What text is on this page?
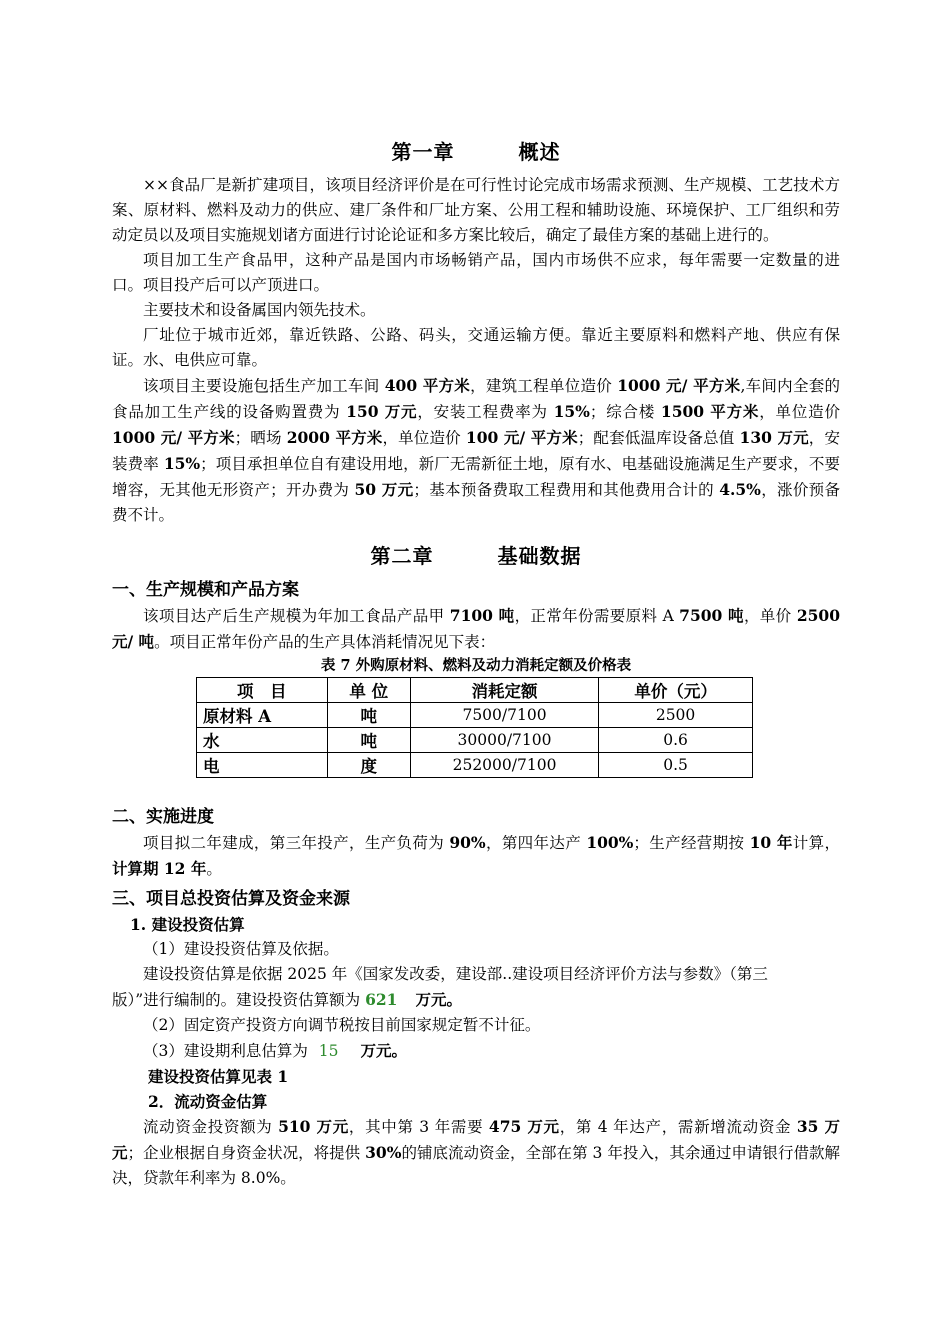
第一章	概述

××食品厂是新扩建项目，该项目经济评价是在可行性讨论完成市场需求预测、生产规模、工艺技术方案、原材料、燃料及动力的供应、建厂条件和厂址方案、公用工程和辅助设施、环境保护、工厂组织和劳动定员以及项目实施规划诸方面进行讨论论证和多方案比较后，确定了最佳方案的基础上进行的。

项目加工生产食品甲，这种产品是国内市场畅销产品，国内市场供不应求，每年需要一定数量的进口。项目投产后可以产顶进口。

主要技术和设备属国内领先技术。

厂址位于城市近郊，靠近铁路、公路、码头，交通运输方便。靠近主要原料和燃料产地、供应有保证。水、电供应可靠。

该项目主要设施包括生产加工车间 400 平方米，建筑工程单位造价 1000 元/ 平方米,车间内全套的食品加工生产线的设备购置费为 150 万元，安装工程费率为 15%；综合楼 1500 平方米，单位造价 1000 元/ 平方米；晒场 2000 平方米，单位造价 100 元/ 平方米；配套低温库设备总值 130 万元，安装费率 15%；项目承担单位自有建设用地，新厂无需新征土地，原有水、电基础设施满足生产要求，不要增容，无其他无形资产；开办费为 50 万元；基本预备费取工程费用和其他费用合计的 4.5%，涨价预备费不计。

第二章	基础数据
一、生产规模和产品方案

该项目达产后生产规模为年加工食品产品甲 7100 吨，正常年份需要原料 A 7500 吨，单价 2500 元/ 吨。项目正常年份产品的生产具体消耗情况见下表：

表 7 外购原材料、燃料及动力消耗定额及价格表
项　目	单 位	消耗定额	单价（元）
原材料 A	吨	7500/7100	2500
水	吨	30000/7100	0.6
电	度	252000/7100	0.5
二、实施进度

项目拟二年建成，第三年投产，生产负荷为 90%，第四年达产 100%；生产经营期按 10 年计算，计算期 12 年。

三、项目总投资估算及资金来源
1. 建设投资估算

（1）建设投资估算及依据。

建设投资估算是依据 2025 年《国家发改委，建设部..建设项目经济评价方法与参数》（第三

版）”进行编制的。建设投资估算额为 621 万元。

（2）固定资产投资方向调节税按目前国家规定暂不计征。

（3）建设期利息估算为 15 万元。

建设投资估算见表 1
2．流动资金估算

流动资金投资额为 510 万元，其中第 3 年需要 475 万元，第 4 年达产，需新增流动资金 35 万元；企业根据自身资金状况，将提供 30%的铺底流动资金，全部在第 3 年投入，其余通过申请银行借款解决，贷款年利率为 8.0%。
